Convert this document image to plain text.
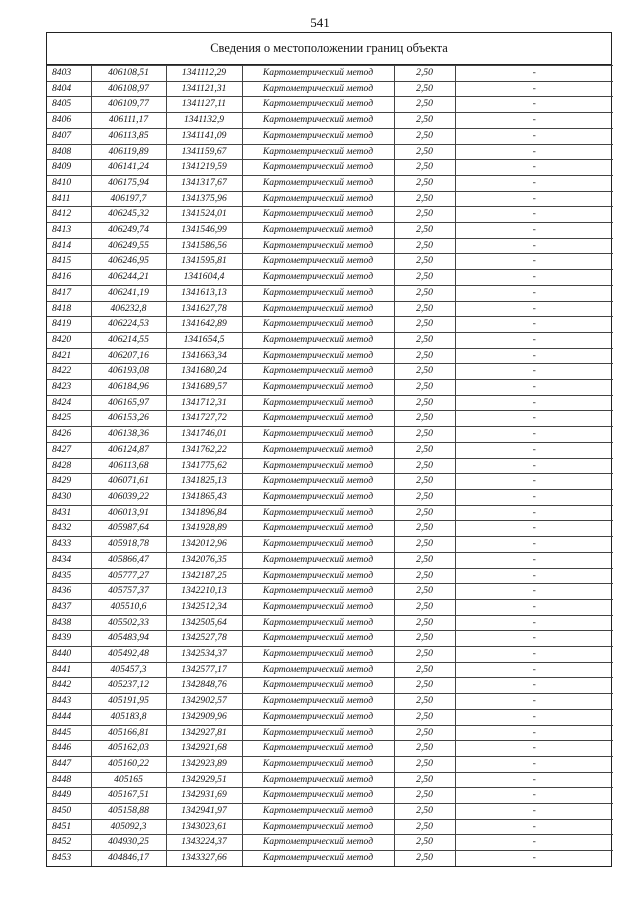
541
Сведения о местоположении границ объекта
8403	406108,51	1341112,29	Картометрический метод	2,50	-
8404	406108,97	1341121,31	Картометрический метод	2,50	-
8405	406109,77	1341127,11	Картометрический метод	2,50	-
8406	406111,17	1341132,9	Картометрический метод	2,50	-
8407	406113,85	1341141,09	Картометрический метод	2,50	-
8408	406119,89	1341159,67	Картометрический метод	2,50	-
8409	406141,24	1341219,59	Картометрический метод	2,50	-
8410	406175,94	1341317,67	Картометрический метод	2,50	-
8411	406197,7	1341375,96	Картометрический метод	2,50	-
8412	406245,32	1341524,01	Картометрический метод	2,50	-
8413	406249,74	1341546,99	Картометрический метод	2,50	-
8414	406249,55	1341586,56	Картометрический метод	2,50	-
8415	406246,95	1341595,81	Картометрический метод	2,50	-
8416	406244,21	1341604,4	Картометрический метод	2,50	-
8417	406241,19	1341613,13	Картометрический метод	2,50	-
8418	406232,8	1341627,78	Картометрический метод	2,50	-
8419	406224,53	1341642,89	Картометрический метод	2,50	-
8420	406214,55	1341654,5	Картометрический метод	2,50	-
8421	406207,16	1341663,34	Картометрический метод	2,50	-
8422	406193,08	1341680,24	Картометрический метод	2,50	-
8423	406184,96	1341689,57	Картометрический метод	2,50	-
8424	406165,97	1341712,31	Картометрический метод	2,50	-
8425	406153,26	1341727,72	Картометрический метод	2,50	-
8426	406138,36	1341746,01	Картометрический метод	2,50	-
8427	406124,87	1341762,22	Картометрический метод	2,50	-
8428	406113,68	1341775,62	Картометрический метод	2,50	-
8429	406071,61	1341825,13	Картометрический метод	2,50	-
8430	406039,22	1341865,43	Картометрический метод	2,50	-
8431	406013,91	1341896,84	Картометрический метод	2,50	-
8432	405987,64	1341928,89	Картометрический метод	2,50	-
8433	405918,78	1342012,96	Картометрический метод	2,50	-
8434	405866,47	1342076,35	Картометрический метод	2,50	-
8435	405777,27	1342187,25	Картометрический метод	2,50	-
8436	405757,37	1342210,13	Картометрический метод	2,50	-
8437	405510,6	1342512,34	Картометрический метод	2,50	-
8438	405502,33	1342505,64	Картометрический метод	2,50	-
8439	405483,94	1342527,78	Картометрический метод	2,50	-
8440	405492,48	1342534,37	Картометрический метод	2,50	-
8441	405457,3	1342577,17	Картометрический метод	2,50	-
8442	405237,12	1342848,76	Картометрический метод	2,50	-
8443	405191,95	1342902,57	Картометрический метод	2,50	-
8444	405183,8	1342909,96	Картометрический метод	2,50	-
8445	405166,81	1342927,81	Картометрический метод	2,50	-
8446	405162,03	1342921,68	Картометрический метод	2,50	-
8447	405160,22	1342923,89	Картометрический метод	2,50	-
8448	405165	1342929,51	Картометрический метод	2,50	-
8449	405167,51	1342931,69	Картометрический метод	2,50	-
8450	405158,88	1342941,97	Картометрический метод	2,50	-
8451	405092,3	1343023,61	Картометрический метод	2,50	-
8452	404930,25	1343224,37	Картометрический метод	2,50	-
8453	404846,17	1343327,66	Картометрический метод	2,50	-
